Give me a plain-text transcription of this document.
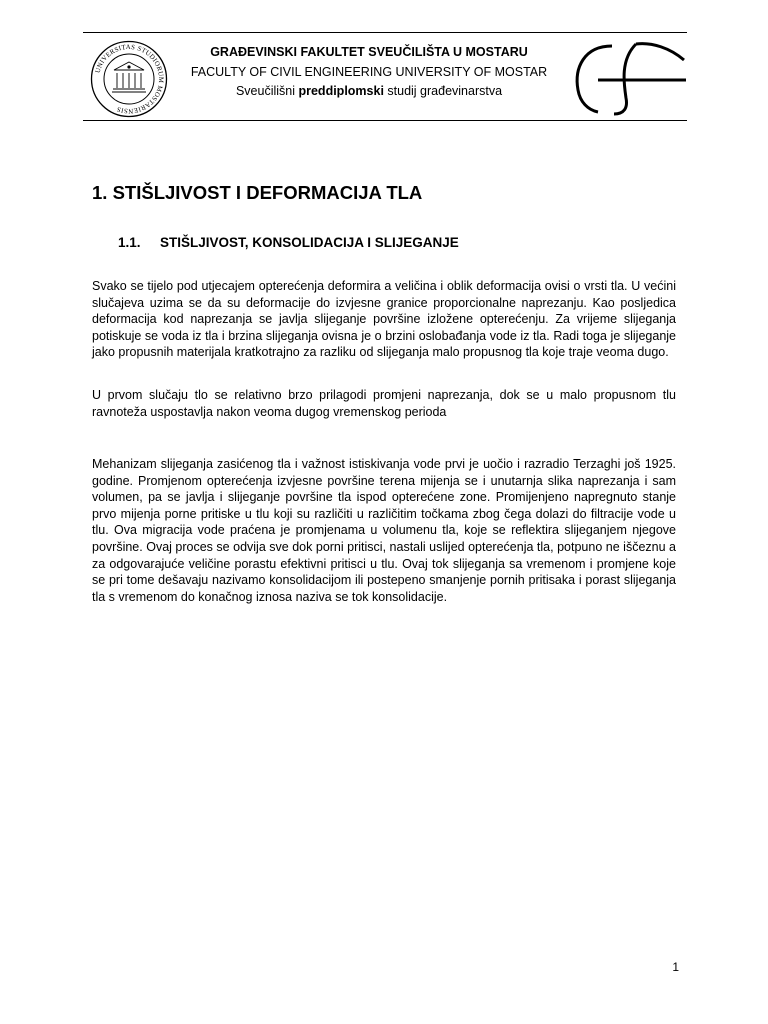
UNIVERSITAS STUDIORUM MOSTARIENSIS
GRAĐEVINSKI FAKULTET SVEUČILIŠTA U MOSTARU
FACULTY OF CIVIL ENGINEERING UNIVERSITY OF MOSTAR
Sveučilišni preddiplomski studij građevinarstva
1. STIŠLJIVOST I DEFORMACIJA TLA
1.1. STIŠLJIVOST, KONSOLIDACIJA I SLIJEGANJE

Svako se tijelo pod utjecajem opterećenja deformira a veličina i oblik deformacija ovisi o vrsti tla. U većini slučajeva uzima se da su deformacije do izvjesne granice proporcionalne naprezanju. Kao posljedica deformacija kod naprezanja se javlja slijeganje površine izložene opterećenju. Za vrijeme slijeganja potiskuje se voda iz tla i brzina slijeganja ovisna je o brzini oslobađanja vode iz tla. Radi toga je slijeganje jako propusnih materijala kratkotrajno za razliku od slijeganja malo propusnog tla koje traje veoma dugo.

U prvom slučaju tlo se relativno brzo prilagodi promjeni naprezanja, dok se u malo propusnom tlu ravnoteža uspostavlja nakon veoma dugog vremenskog perioda

Mehanizam slijeganja zasićenog tla i važnost istiskivanja vode prvi je uočio i razradio Terzaghi još 1925. godine. Promjenom opterećenja izvjesne površine terena mijenja se i unutarnja slika naprezanja i sam volumen, pa se javlja i slijeganje površine tla ispod opterećene zone. Promijenjeno napregnuto stanje prvo mijenja porne pritiske u tlu koji su različiti u različitim točkama zbog čega dolazi do filtracije vode u tlu. Ova migracija vode praćena je promjenama u volumenu tla, koje se reflektira slijeganjem njegove površine. Ovaj proces se odvija sve dok porni pritisci, nastali uslijed opterećenja tla, potpuno ne iščeznu a za odgovarajuće veličine porastu efektivni pritisci u tlu. Ovaj tok slijeganja sa vremenom i promjene koje se pri tome dešavaju nazivamo konsolidacijom ili postepeno smanjenje pornih pritisaka i porast slijeganja tla s vremenom do konačnog iznosa naziva se tok konsolidacije.

1
